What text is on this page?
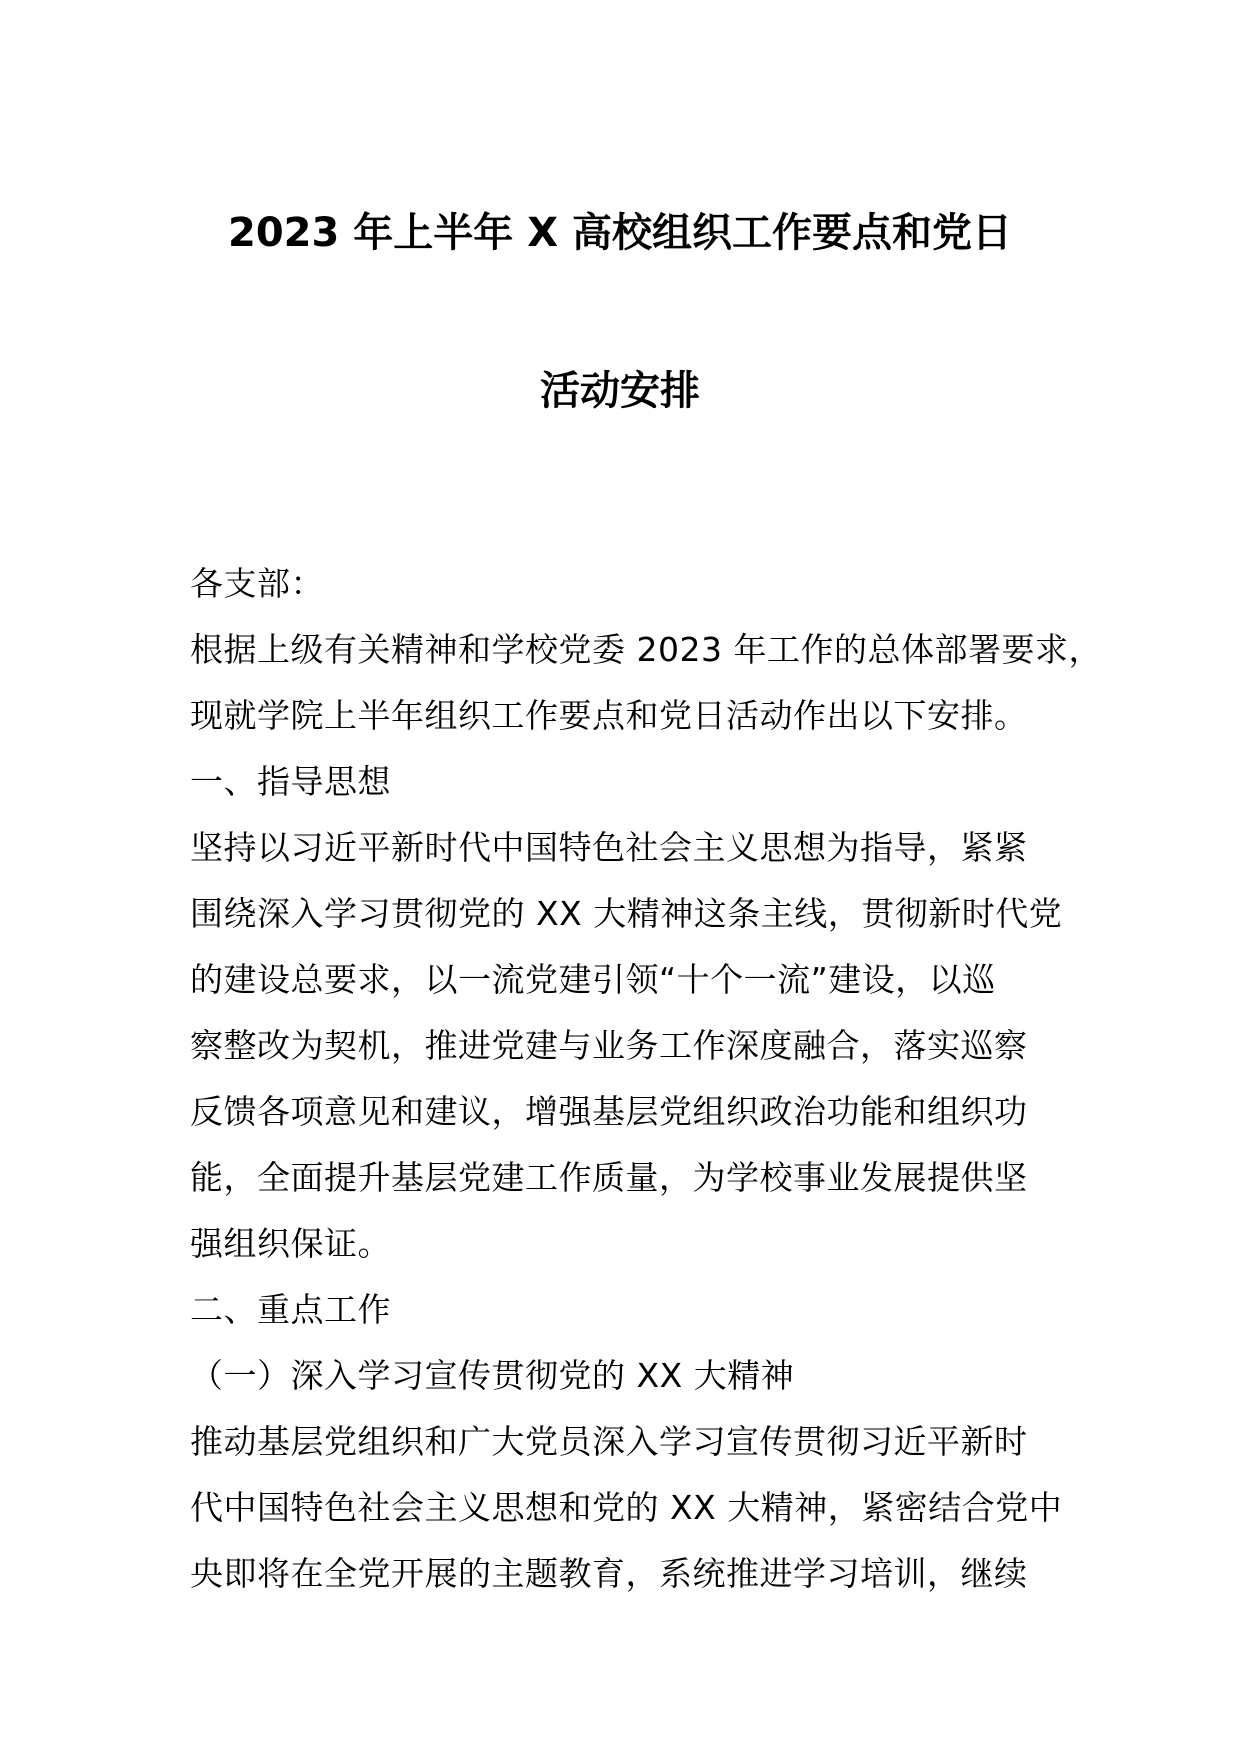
2023 年上半年 X 高校组织工作要点和党日
活动安排
各支部：
根据上级有关精神和学校党委 2023 年工作的总体部署要求，
现就学院上半年组织工作要点和党日活动作出以下安排。
一、指导思想
坚持以习近平新时代中国特色社会主义思想为指导，紧紧
围绕深入学习贯彻党的 XX 大精神这条主线，贯彻新时代党
的建设总要求，以一流党建引领“十个一流”建设，以巡
察整改为契机，推进党建与业务工作深度融合，落实巡察
反馈各项意见和建议，增强基层党组织政治功能和组织功
能，全面提升基层党建工作质量，为学校事业发展提供坚
强组织保证。
二、重点工作
（一）深入学习宣传贯彻党的 XX 大精神
推动基层党组织和广大党员深入学习宣传贯彻习近平新时
代中国特色社会主义思想和党的 XX 大精神，紧密结合党中
央即将在全党开展的主题教育，系统推进学习培训，继续
